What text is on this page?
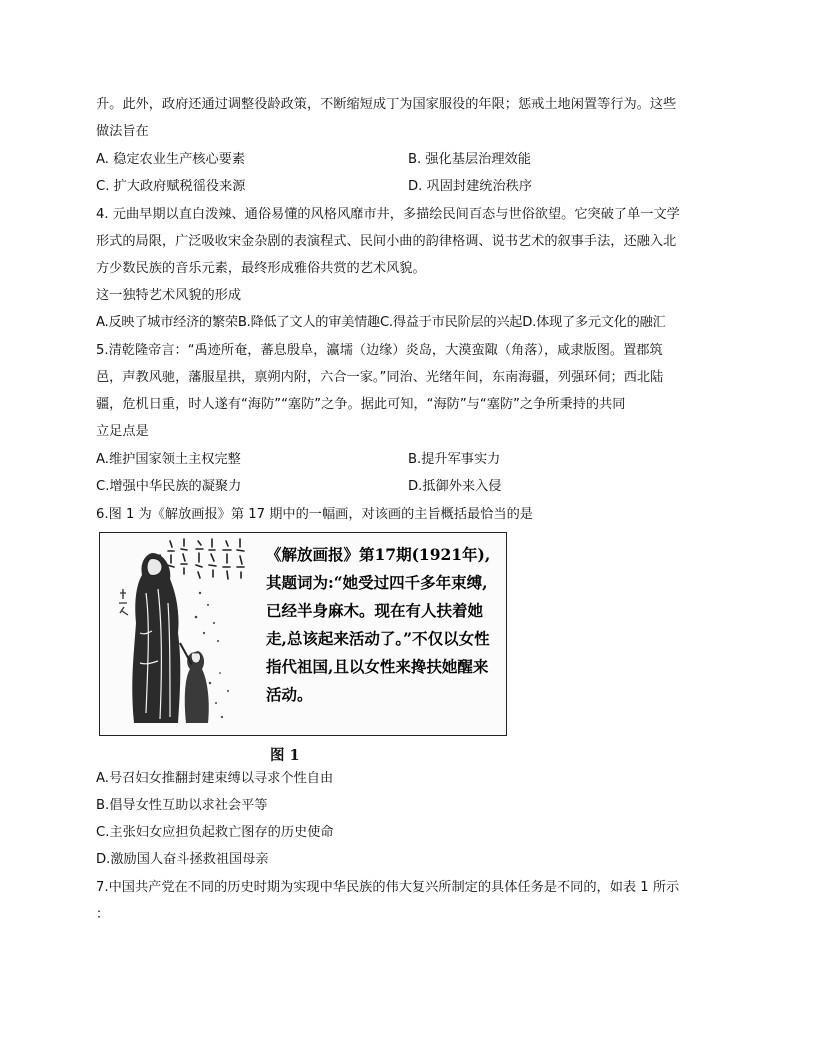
升。此外，政府还通过调整役龄政策，不断缩短成丁为国家服役的年限；惩戒土地闲置等行为。这些
做法旨在
A. 稳定农业生产核心要素	B. 强化基层治理效能
C. 扩大政府赋税徭役来源	D. 巩固封建统治秩序
4. 元曲早期以直白泼辣、通俗易懂的风格风靡市井，多描绘民间百态与世俗欲望。它突破了单一文学
形式的局限，广泛吸收宋金杂剧的表演程式、民间小曲的韵律格调、说书艺术的叙事手法，还融入北
方少数民族的音乐元素，最终形成雅俗共赏的艺术风貌。
这一独特艺术风貌的形成
A.反映了城市经济的繁荣B.降低了文人的审美情趣C.得益于市民阶层的兴起D.体现了多元文化的融汇
5.清乾隆帝言：“禹迹所奄，蕃息殷阜，瀛壖（边缘）炎岛，大漠蛮陬（角落），咸隶版图。置郡筑
邑，声教风驰，藩服星拱，禀朔内附，六合一家。”同治、光绪年间，东南海疆，列强环伺；西北陆
疆，危机日重，时人遂有“海防”“塞防”之争。据此可知，“海防”与“塞防”之争所秉持的共同
立足点是
A.维护国家领土主权完整	B.提升军事实力
C.增强中华民族的凝聚力	D.抵御外来入侵
6.图 1 为《解放画报》第 17 期中的一幅画，对该画的主旨概括最恰当的是
《解放画报》第17期(1921年),其题词为:“她受过四千多年束缚,已经半身麻木。现在有人扶着她走,总该起来活动了。”不仅以女性指代祖国,且以女性来搀扶她醒来活动。
图 1
A.号召妇女推翻封建束缚以寻求个性自由
B.倡导女性互助以求社会平等
C.主张妇女应担负起救亡图存的历史使命
D.激励国人奋斗拯救祖国母亲
7.中国共产党在不同的历史时期为实现中华民族的伟大复兴所制定的具体任务是不同的，如表 1 所示
：
